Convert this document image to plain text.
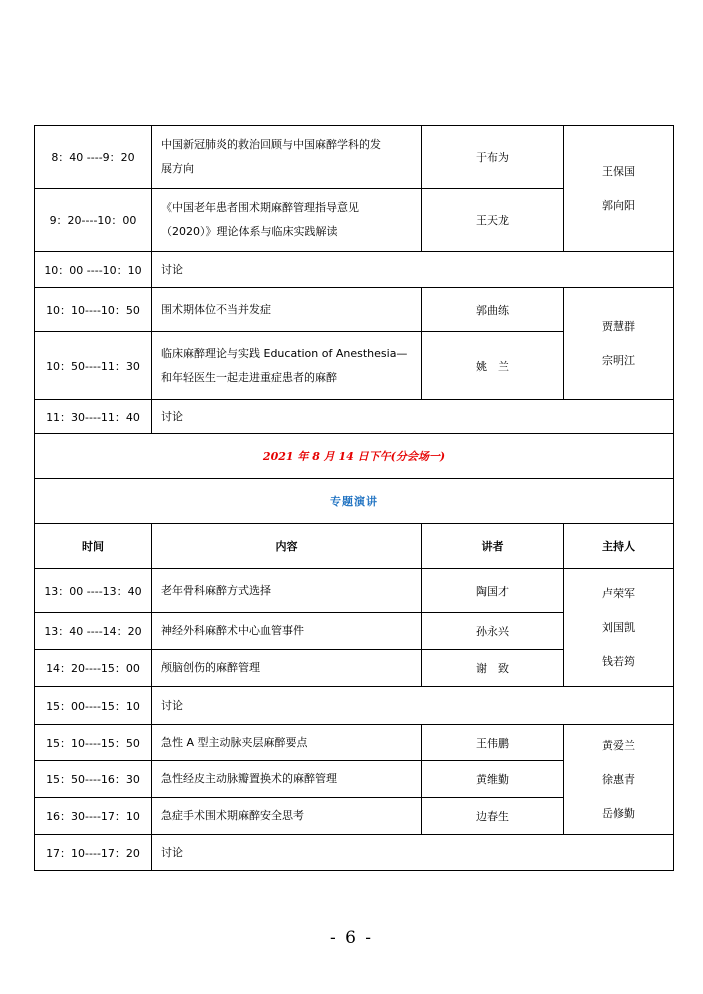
8：40 ----9：20	中国新冠肺炎的救治回顾与中国麻醉学科的发
展方向	于布为	王保国
郭向阳

9：20----10：00	《中国老年患者围术期麻醉管理指导意见
（2020）》理论体系与临床实践解读	王天龙	
10：00 ----10：10	讨论		
10：10----10：50	围术期体位不当并发症	郭曲练	贾慧群
宗明江

10：50----11：30	临床麻醉理论与实践 Education of Anesthesia—
和年轻医生一起走进重症患者的麻醉	姚　兰	
11：30----11：40	讨论		
2021 年 8 月 14 日下午(分会场一)			
专题演讲			
时间	内容	讲者	主持人
13：00 ----13：40	老年骨科麻醉方式选择	陶国才	卢荣军
刘国凯
钱若筠

13：40 ----14：20	神经外科麻醉术中心血管事件	孙永兴	
14：20----15：00	颅脑创伤的麻醉管理	谢　致	
15：00----15：10	讨论		
15：10----15：50	急性 A 型主动脉夹层麻醉要点	王伟鹏	黄爱兰
徐惠青
岳修勤

15：50----16：30	急性经皮主动脉瓣置换术的麻醉管理	黄维勤	
16：30----17：10	急症手术围术期麻醉安全思考	边春生	
17：10----17：20	讨论		
- 6 -
